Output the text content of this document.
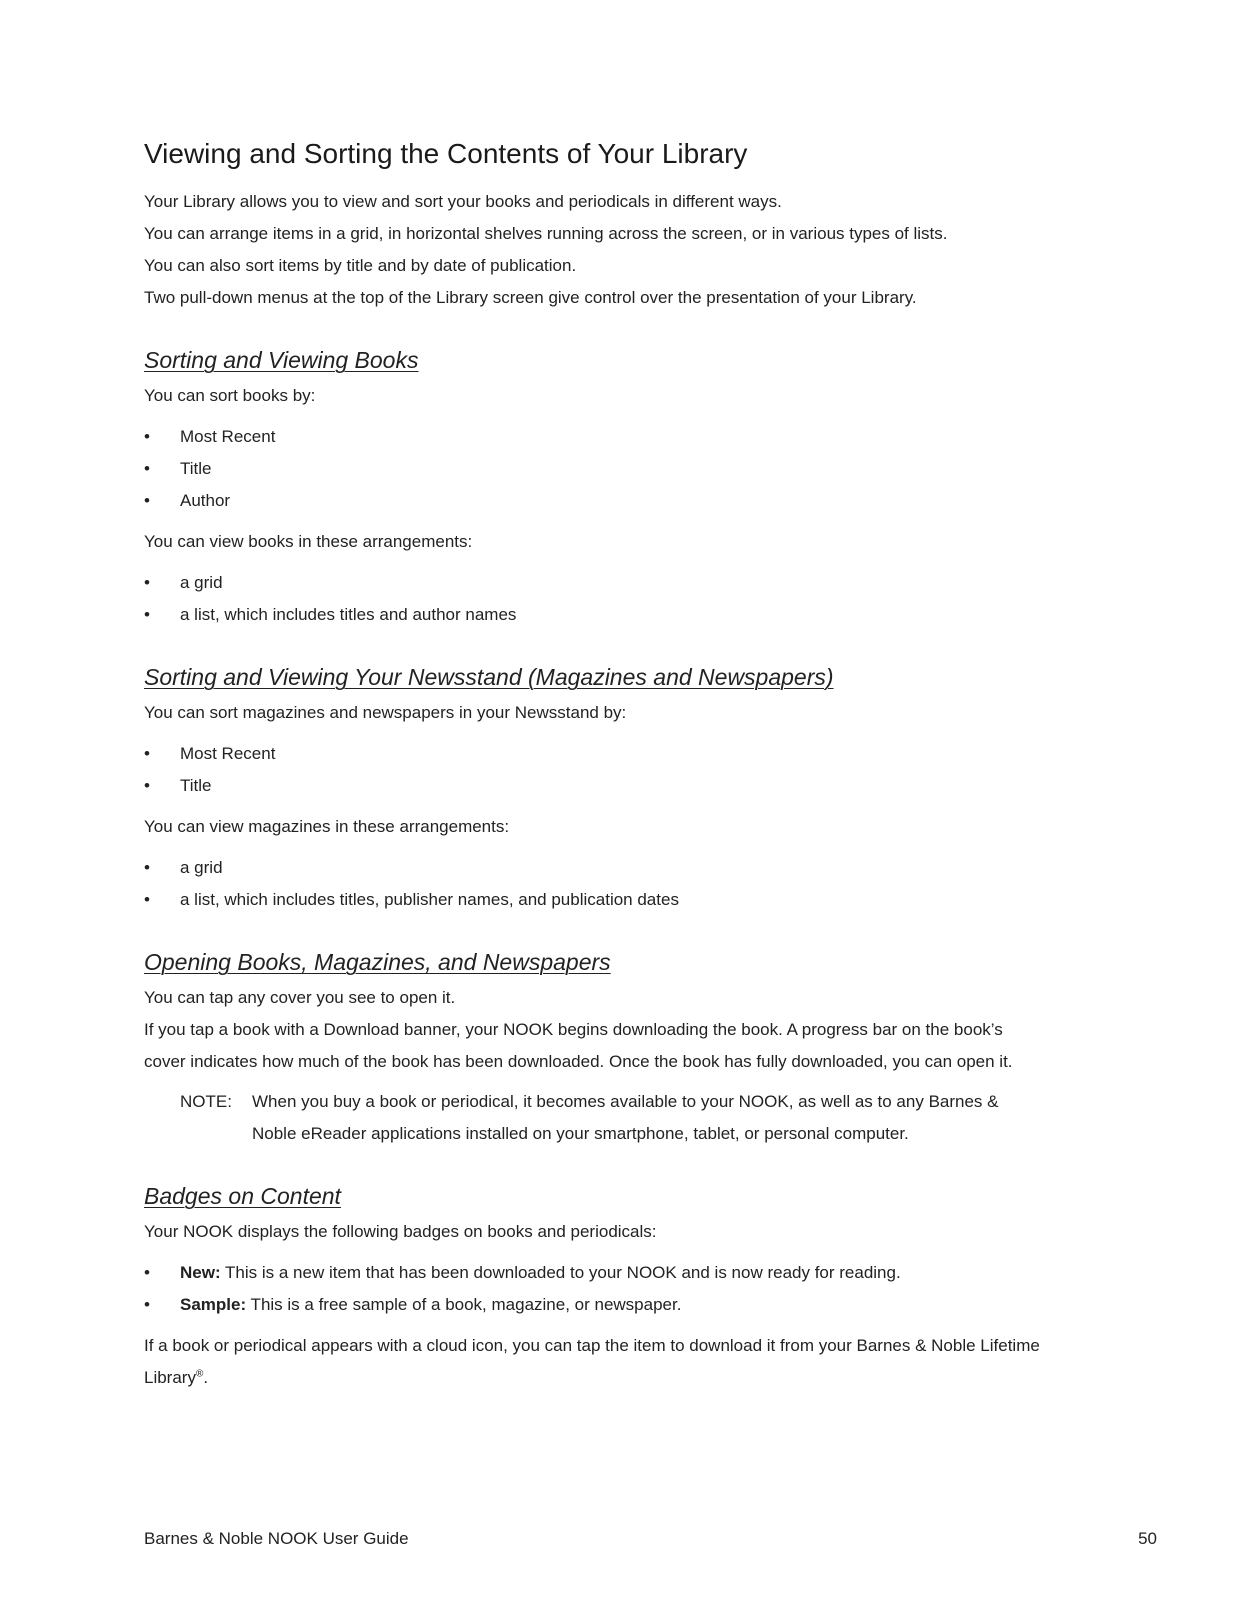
Viewing and Sorting the Contents of Your Library

Your Library allows you to view and sort your books and periodicals in different ways.

You can arrange items in a grid, in horizontal shelves running across the screen, or in various types of lists.

You can also sort items by title and by date of publication.

Two pull-down menus at the top of the Library screen give control over the presentation of your Library.

Sorting and Viewing Books

You can sort books by:

• Most Recent
• Title
• Author

You can view books in these arrangements:

• a grid
• a list, which includes titles and author names
Sorting and Viewing Your Newsstand (Magazines and Newspapers)

You can sort magazines and newspapers in your Newsstand by:

• Most Recent
• Title

You can view magazines in these arrangements:

• a grid
• a list, which includes titles, publisher names, and publication dates
Opening Books, Magazines, and Newspapers

You can tap any cover you see to open it.

If you tap a book with a Download banner, your NOOK begins downloading the book. A progress bar on the book’s cover indicates how much of the book has been downloaded. Once the book has fully downloaded, you can open it.

NOTE:	When you buy a book or periodical, it becomes available to your NOOK, as well as to any Barnes & Noble eReader applications installed on your smartphone, tablet, or personal computer.
Badges on Content

Your NOOK displays the following badges on books and periodicals:

• New: This is a new item that has been downloaded to your NOOK and is now ready for reading.
• Sample: This is a free sample of a book, magazine, or newspaper.

If a book or periodical appears with a cloud icon, you can tap the item to download it from your Barnes & Noble Lifetime Library®.

Barnes & Noble NOOK User Guide	50
